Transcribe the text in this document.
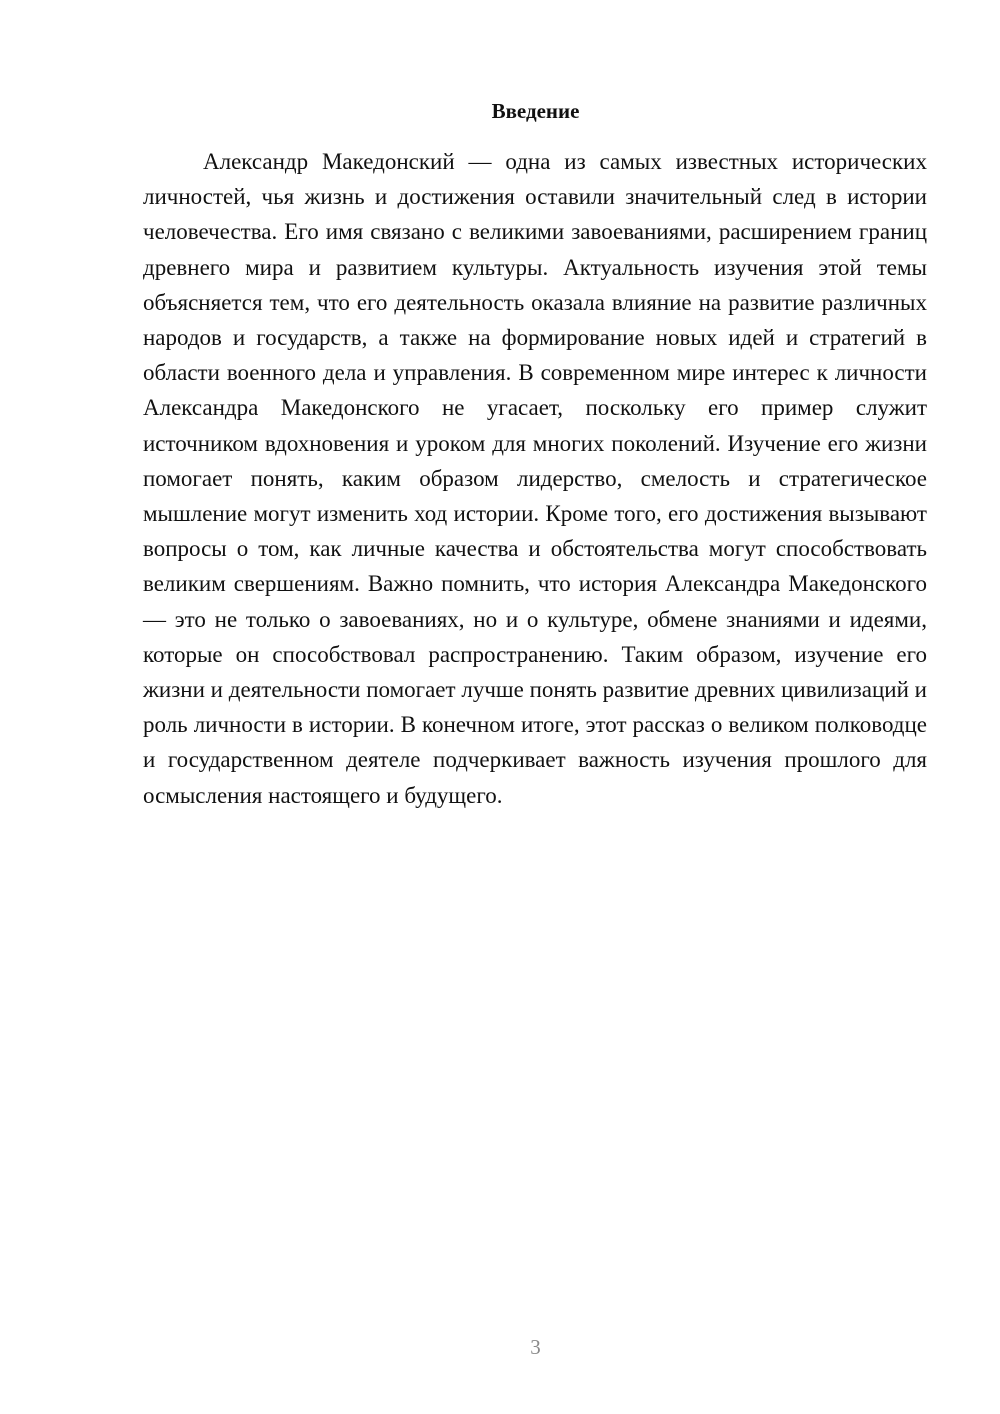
Введение

Александр Македонский — одна из самых известных исторических личностей, чья жизнь и достижения оставили значительный след в истории человечества. Его имя связано с великими завоеваниями, расширением границ древнего мира и развитием культуры. Актуальность изучения этой темы объясняется тем, что его деятельность оказала влияние на развитие различных народов и государств, а также на формирование новых идей и стратегий в области военного дела и управления. В современном мире интерес к личности Александра Македонского не угасает, поскольку его пример служит источником вдохновения и уроком для многих поколений. Изучение его жизни помогает понять, каким образом лидерство, смелость и стратегическое мышление могут изменить ход истории. Кроме того, его достижения вызывают вопросы о том, как личные качества и обстоятельства могут способствовать великим свершениям. Важно помнить, что история Александра Македонского — это не только о завоеваниях, но и о культуре, обмене знаниями и идеями, которые он способствовал распространению. Таким образом, изучение его жизни и деятельности помогает лучше понять развитие древних цивилизаций и роль личности в истории. В конечном итоге, этот рассказ о великом полководце и государственном деятеле подчеркивает важность изучения прошлого для осмысления настоящего и будущего.

3
